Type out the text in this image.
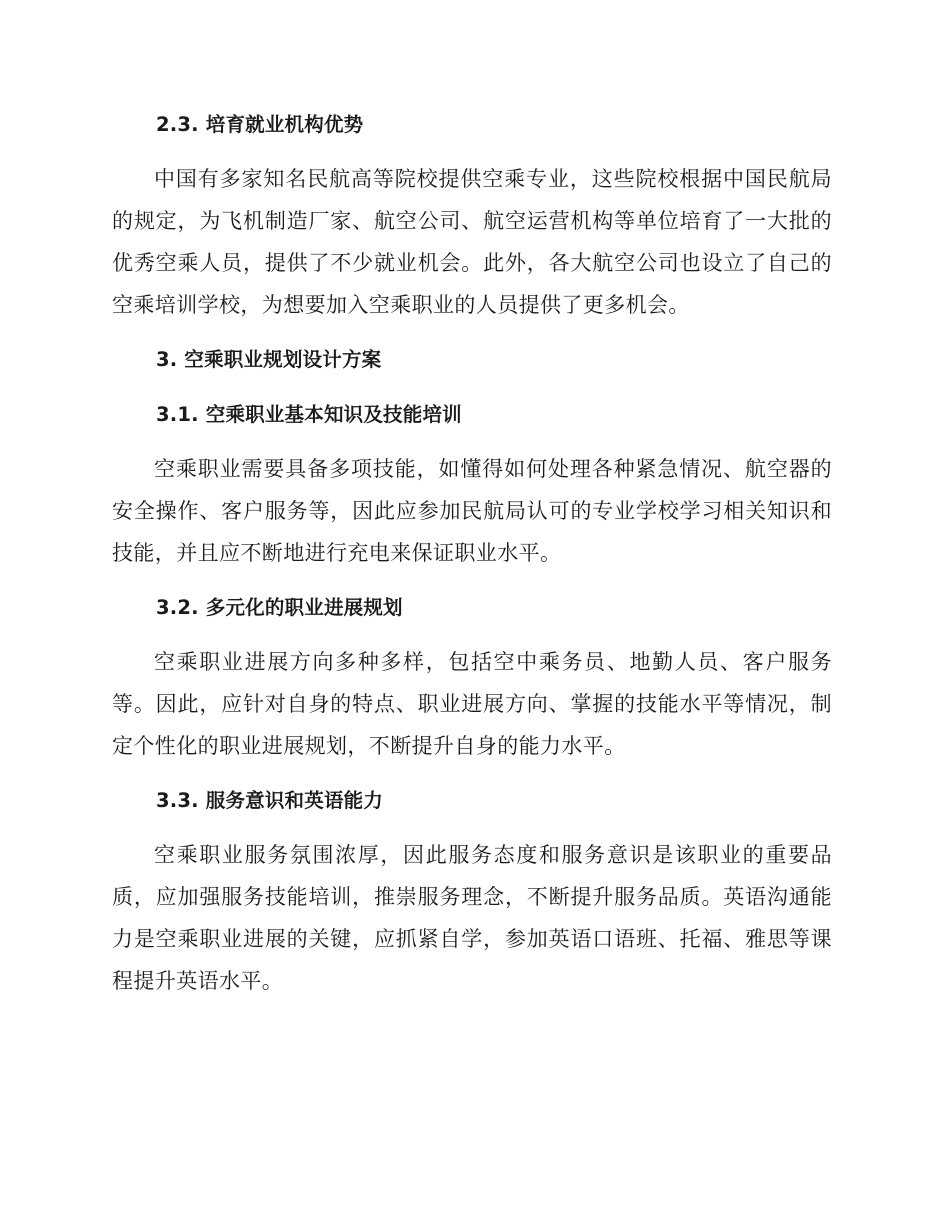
2.3. 培育就业机构优势

中国有多家知名民航高等院校提供空乘专业，这些院校根据中国民航局的规定，为飞机制造厂家、航空公司、航空运营机构等单位培育了一大批的优秀空乘人员，提供了不少就业机会。此外，各大航空公司也设立了自己的空乘培训学校，为想要加入空乘职业的人员提供了更多机会。

3. 空乘职业规划设计方案
3.1. 空乘职业基本知识及技能培训

空乘职业需要具备多项技能，如懂得如何处理各种紧急情况、航空器的安全操作、客户服务等，因此应参加民航局认可的专业学校学习相关知识和技能，并且应不断地进行充电来保证职业水平。

3.2. 多元化的职业进展规划

空乘职业进展方向多种多样，包括空中乘务员、地勤人员、客户服务等。因此，应针对自身的特点、职业进展方向、掌握的技能水平等情况，制定个性化的职业进展规划，不断提升自身的能力水平。

3.3. 服务意识和英语能力

空乘职业服务氛围浓厚，因此服务态度和服务意识是该职业的重要品质，应加强服务技能培训，推崇服务理念，不断提升服务品质。英语沟通能力是空乘职业进展的关键，应抓紧自学，参加英语口语班、托福、雅思等课程提升英语水平。
